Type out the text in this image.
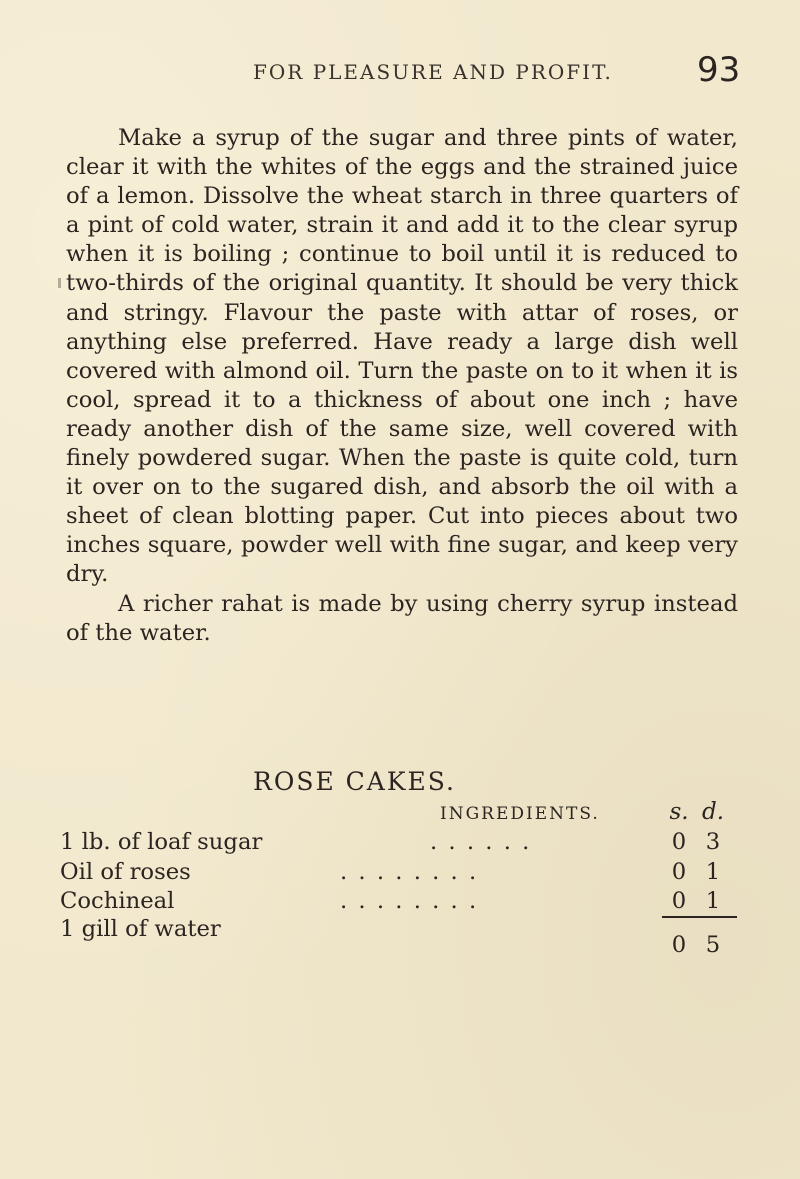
FOR PLEASURE AND PROFIT. 93

Make a syrup of the sugar and three pints of water, clear it with the whites of the eggs and the strained juice of a lemon. Dissolve the wheat starch in three quarters of a pint of cold water, strain it and add it to the clear syrup when it is boiling ; continue to boil until it is reduced to two-thirds of the original quantity. It should be very thick and stringy. Flavour the paste with attar of roses, or anything else preferred. Have ready a large dish well covered with almond oil. Turn the paste on to it when it is cool, spread it to a thickness of about one inch ; have ready another dish of the same size, well covered with finely powdered sugar. When the paste is quite cold, turn it over on to the sugared dish, and absorb the oil with a sheet of clean blotting paper. Cut into pieces about two inches square, powder well with fine sugar, and keep very dry.

A richer rahat is made by using cherry syrup instead of the water.

ROSE CAKES.
INGREDIENTS.	s. d.
1 lb. of loaf sugar	. . . . . .	0 3
Oil of roses	. . . . . . . .	0 1
Cochineal	. . . . . . . .	0 1
1 gill of water
0 5
